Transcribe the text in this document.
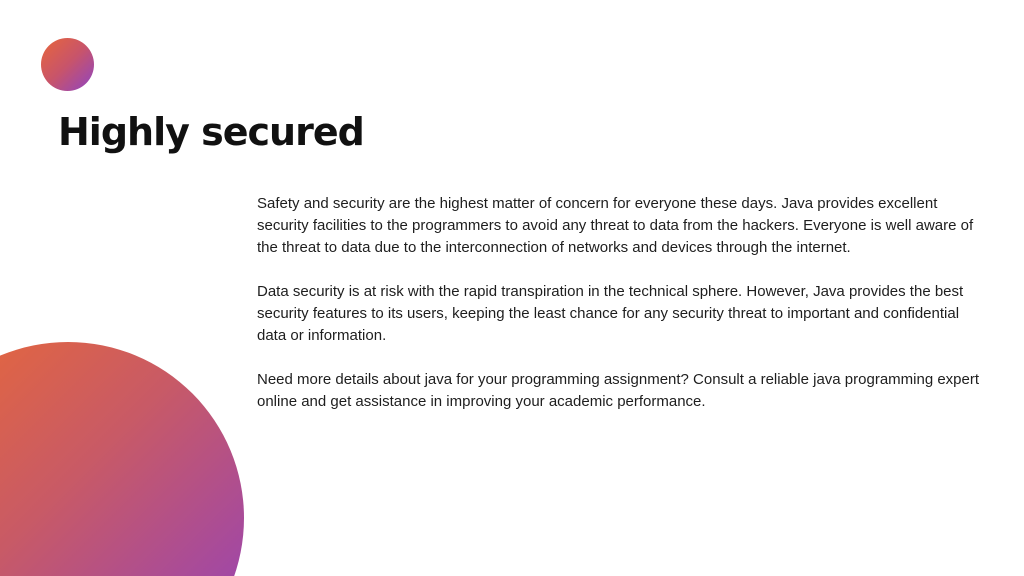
Highly secured

Safety and security are the highest matter of concern for everyone these days. Java provides excellent security facilities to the programmers to avoid any threat to data from the hackers. Everyone is well aware of the threat to data due to the interconnection of networks and devices through the internet.

Data security is at risk with the rapid transpiration in the technical sphere. However, Java provides the best security features to its users, keeping the least chance for any security threat to important and confidential data or information.

Need more details about java for your programming assignment? Consult a reliable java programming expert online and get assistance in improving your academic performance.
